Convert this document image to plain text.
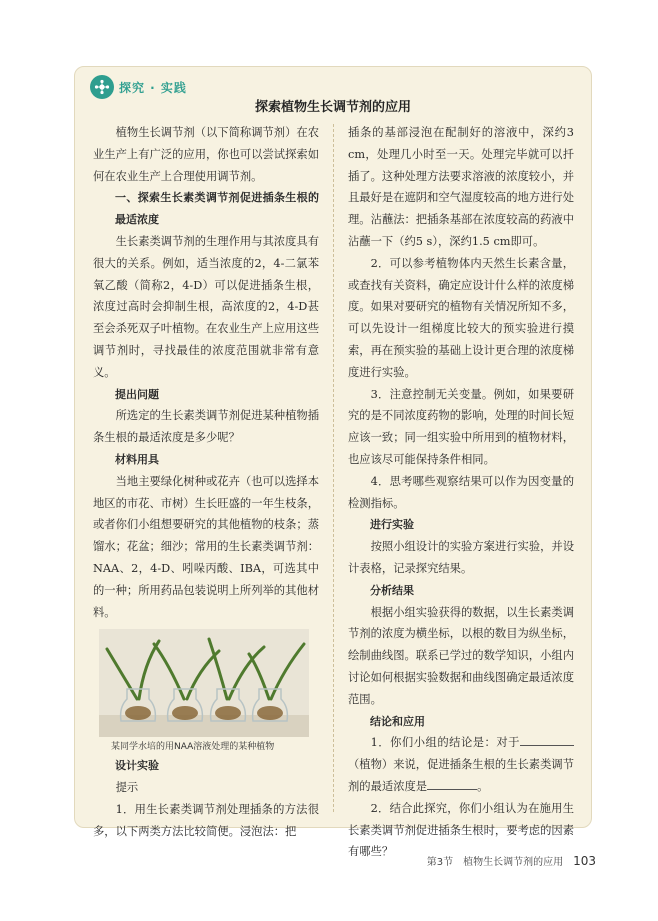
探究 · 实践
探索植物生长调节剂的应用

植物生长调节剂（以下简称调节剂）在农业生产上有广泛的应用，你也可以尝试探索如何在农业生产上合理使用调节剂。

一、探索生长素类调节剂促进插条生根的最适浓度

生长素类调节剂的生理作用与其浓度具有很大的关系。例如，适当浓度的2，4-二氯苯氧乙酸（简称2，4-D）可以促进插条生根，浓度过高时会抑制生根，高浓度的2，4-D甚至会杀死双子叶植物。在农业生产上应用这些调节剂时，寻找最佳的浓度范围就非常有意义。

提出问题

所选定的生长素类调节剂促进某种植物插条生根的最适浓度是多少呢？

材料用具

当地主要绿化树种或花卉（也可以选择本地区的市花、市树）生长旺盛的一年生枝条，或者你们小组想要研究的其他植物的枝条；蒸馏水；花盆；细沙；常用的生长素类调节剂：NAA、2，4-D、吲哚丙酸、IBA，可选其中的一种；所用药品包装说明上所列举的其他材料。

某同学水培的用NAA溶液处理的某种植物

设计实验

提示

1．用生长素类调节剂处理插条的方法很多，以下两类方法比较简便。浸泡法：把

插条的基部浸泡在配制好的溶液中，深约3 cm，处理几小时至一天。处理完毕就可以扦插了。这种处理方法要求溶液的浓度较小，并且最好是在遮阴和空气湿度较高的地方进行处理。沾蘸法：把插条基部在浓度较高的药液中沾蘸一下（约5 s），深约1.5 cm即可。

2．可以参考植物体内天然生长素含量，或查找有关资料，确定应设计什么样的浓度梯度。如果对要研究的植物有关情况所知不多，可以先设计一组梯度比较大的预实验进行摸索，再在预实验的基础上设计更合理的浓度梯度进行实验。

3．注意控制无关变量。例如，如果要研究的是不同浓度药物的影响，处理的时间长短应该一致；同一组实验中所用到的植物材料，也应该尽可能保持条件相同。

4．思考哪些观察结果可以作为因变量的检测指标。

进行实验

按照小组设计的实验方案进行实验，并设计表格，记录探究结果。

分析结果

根据小组实验获得的数据，以生长素类调节剂的浓度为横坐标，以根的数目为纵坐标，绘制曲线图。联系已学过的数学知识，小组内讨论如何根据实验数据和曲线图确定最适浓度范围。

结论和应用

1．你们小组的结论是：对于（植物）来说，促进插条生根的生长素类调节剂的最适浓度是	。

2．结合此探究，你们小组认为在施用生长素类调节剂促进插条生根时，要考虑的因素有哪些？

第3节　植物生长调节剂的应用 103
